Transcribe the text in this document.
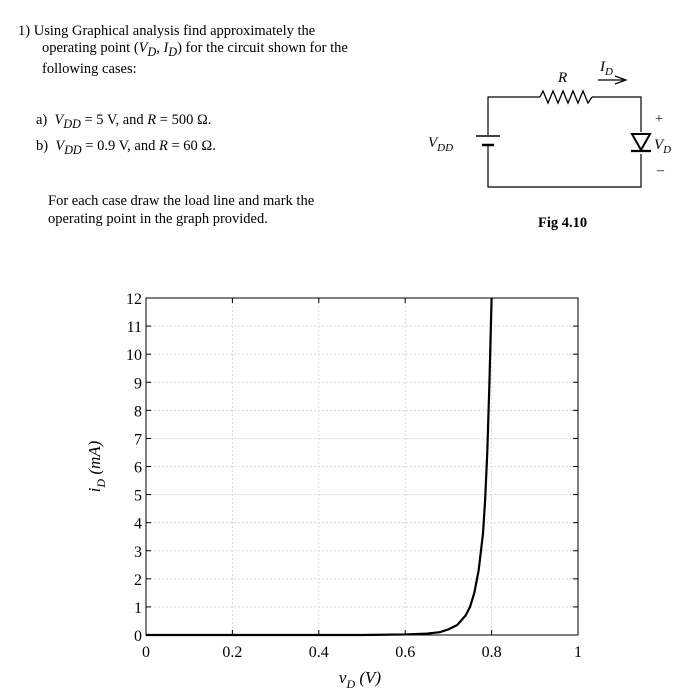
1) Using Graphical analysis find approximately the
operating point ($V_D$, $I_D$) for the circuit shown for the
following cases:
a) $V_{DD} = 5$ V, and R = 500 Ω.
b) $V_{DD} = 0.9$ V, and R = 60 Ω.
For each case draw the load line and mark the
operating point in the graph provided.
R
$I_D$
$V_{DD}$
+
–
$V_D$
Fig 4.10
0	0.2	0.4	0.6	0.8	1
0
1
2
3
4
5
6
7
8
9
10
11
12
$v_D$ (V)
$i_D$ (mA)
